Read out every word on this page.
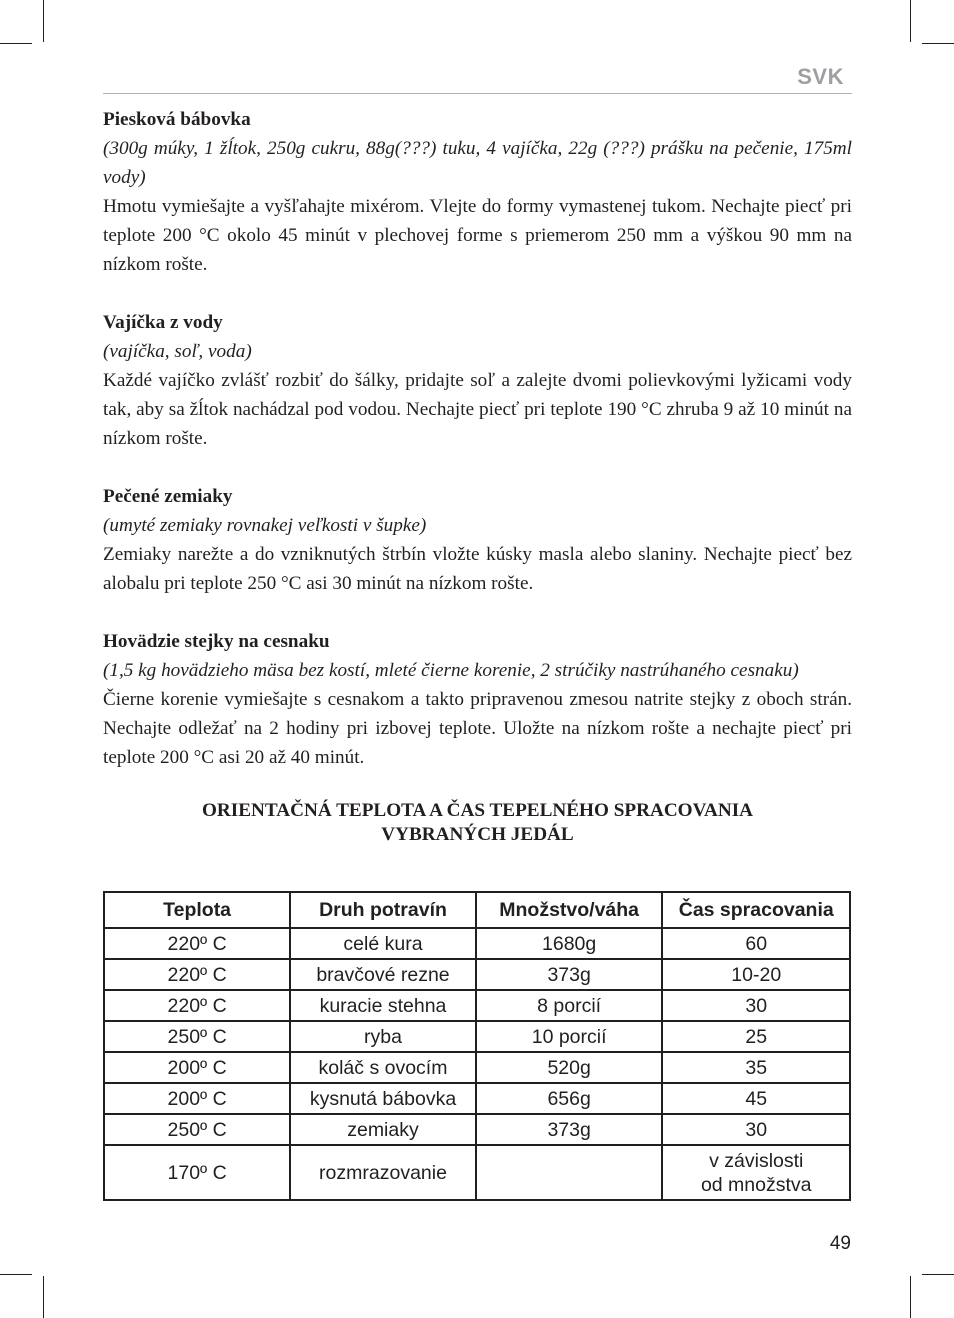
SVK

Piesková bábovka

(300g múky, 1 žĺtok, 250g cukru, 88g(???) tuku, 4 vajíčka, 22g (???) prášku na pečenie, 175ml vody)

Hmotu vymiešajte a vyšľahajte mixérom. Vlejte do formy vymastenej tukom. Nechajte piecť pri teplote 200 °C okolo 45 minút v plechovej forme s priemerom 250 mm a výškou 90 mm na nízkom rošte.

Vajíčka z vody

(vajíčka, soľ, voda)

Každé vajíčko zvlášť rozbiť do šálky, pridajte soľ a zalejte dvomi polievkovými lyžicami vody tak, aby sa žĺtok nachádzal pod vodou. Nechajte piecť pri teplote 190 °C zhruba 9 až 10 minút na nízkom rošte.

Pečené zemiaky

(umyté zemiaky rovnakej veľkosti v šupke)

Zemiaky narežte a do vzniknutých štrbín vložte kúsky masla alebo slaniny. Nechajte piecť bez alobalu pri teplote 250 °C asi 30 minút na nízkom rošte.

Hovädzie stejky na cesnaku

(1,5 kg hovädzieho mäsa bez kostí, mleté čierne korenie, 2 strúčiky nastrúhaného cesnaku)

Čierne korenie vymiešajte s cesnakom a takto pripravenou zmesou natrite stejky z oboch strán. Nechajte odležať na 2 hodiny pri izbovej teplote. Uložte na nízkom rošte a nechajte piecť pri teplote 200 °C asi 20 až 40 minút.

ORIENTAČNÁ TEPLOTA A ČAS TEPELNÉHO SPRACOVANIA
VYBRANÝCH JEDÁL
Teplota	Druh potravín	Množstvo/váha	Čas spracovania
220º C	celé kura	1680g	60
220º C	bravčové rezne	373g	10-20
220º C	kuracie stehna	8 porcií	30
250º C	ryba	10 porcií	25
200º C	koláč s ovocím	520g	35
200º C	kysnutá bábovka	656g	45
250º C	zemiaky	373g	30
170º C	rozmrazovanie		v závislosti
od množstva
49
